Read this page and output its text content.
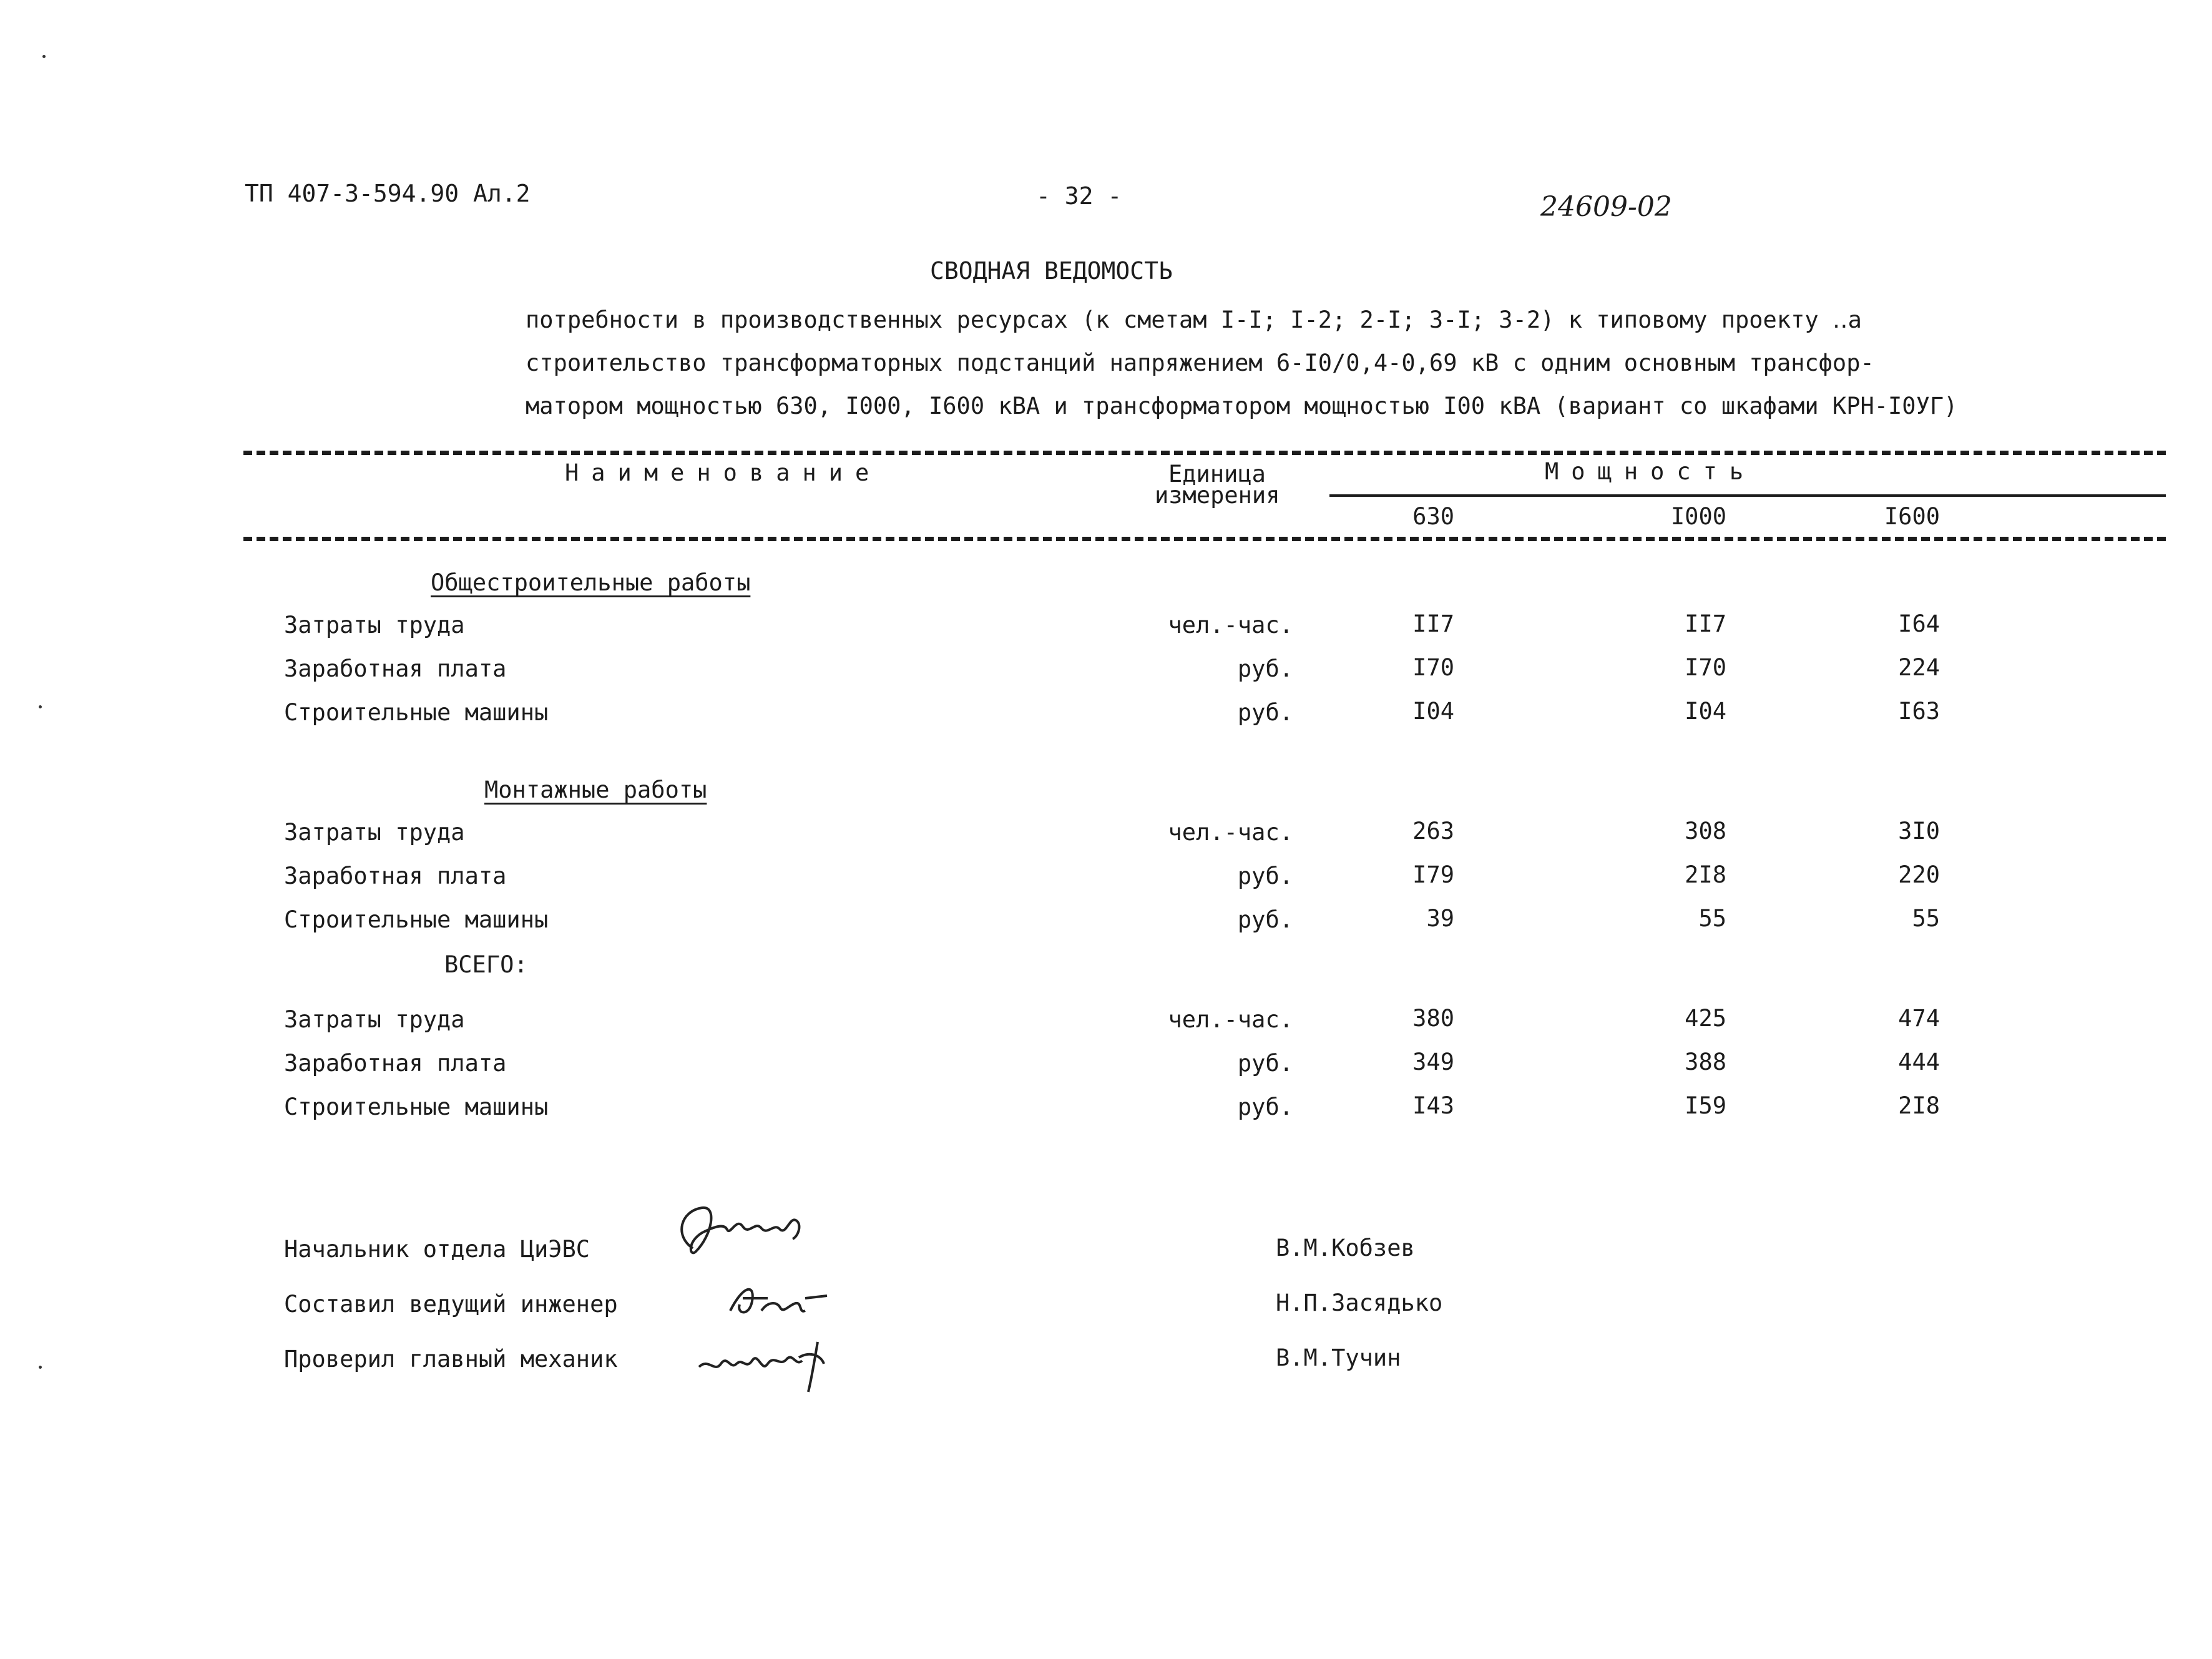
ТП 407-3-594.90 Ал.2	- 32 -	24609-02
СВОДНАЯ ВЕДОМОСТЬ
потребности в производственных ресурсах (к сметам I-I; I-2; 2-I; 3-I; 3-2) к типовому проекту ‥а
строительство трансформаторных подстанций напряжением 6-I0/0,4-0,69 кВ с одним основным трансфор-
матором мощностью 630, I000, I600 кВА и трансформатором мощностью I00 кВА (вариант со шкафами КРН-I0УГ)
Наименование	Единица
измерения
Мощность
630	I000	I600
Общестроительные работы
Затраты труда	чел.-час.	II7	II7	I64
Заработная плата	руб.	I70	I70	224
Строительные машины	руб.	I04	I04	I63
Монтажные работы
Затраты труда	чел.-час.	263	308	3I0
Заработная плата	руб.	I79	2I8	220
Строительные машины	руб.	39	55	55
ВСЕГО:
Затраты труда	чел.-час.	380	425	474
Заработная плата	руб.	349	388	444
Строительные машины	руб.	I43	I59	2I8
Начальник отдела ЦиЭВС
Составил ведущий инженер
Проверил главный механик
В.М.Кобзев
Н.П.Засядько
В.М.Тучин
